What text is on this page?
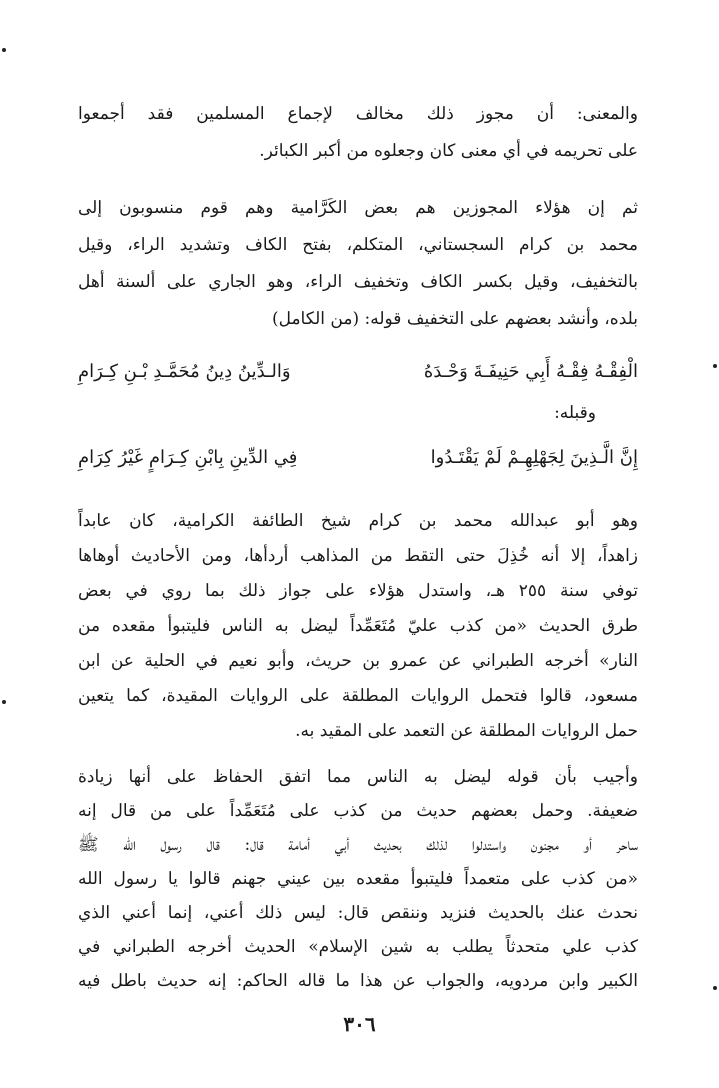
والمعنى: أن مجوز ذلك مخالف لإجماع المسلمين فقد أجمعوا
على تحريمه في أي معنى كان وجعلوه من أكبر الكبائر.
ثم إن هؤلاء المجوزين هم بعض الكَرَّامية وهم قوم منسوبون إلى
محمد بن كرام السجستاني، المتكلم، بفتح الكاف وتشديد الراء، وقيل
بالتخفيف، وقيل بكسر الكاف وتخفيف الراء، وهو الجاري على ألسنة أهل
بلده، وأنشد بعضهم على التخفيف قوله: (من الكامل)
الْفِقْـهُ فِقْـهُ أَبِي حَنِيفَـةَ وَحْـدَهُ
وَالـدِّينُ دِينُ مُحَمَّـدِ بْـنِ كِـرَامِ
وقبله:
إِنَّ الَّـذِينَ لِجَهْلِهِـمْ لَمْ يَقْتَـدُوا
فِي الدِّينِ بِابْنِ كِـرَامٍ غَيْرُ كِرَامِ
وهو أبو عبدالله محمد بن كرام شيخ الطائفة الكرامية، كان عابداً
زاهداً، إلا أنه خُذِلَ حتى التقط من المذاهب أردأها، ومن الأحاديث أوهاها
توفي سنة ٢٥٥ هـ، واستدل هؤلاء على جواز ذلك بما روي في بعض
طرق الحديث «من كذب عليّ مُتَعَمِّداً ليضل به الناس فليتبوأ مقعده من
النار» أخرجه الطبراني عن عمرو بن حريث، وأبو نعيم في الحلية عن ابن
مسعود، قالوا فتحمل الروايات المطلقة على الروايات المقيدة، كما يتعين
حمل الروايات المطلقة عن التعمد على المقيد به.
وأجيب بأن قوله ليضل به الناس مما اتفق الحفاظ على أنها زيادة
ضعيفة. وحمل بعضهم حديث من كذب على مُتَعَمِّداً على من قال إنه
ساحر أو مجنون واستدلوا لذلك بحديث أبي أمامة قال: قال رسول الله ﷺ
«من كذب على متعمداً فليتبوأ مقعده بين عيني جهنم قالوا يا رسول الله
نحدث عنك بالحديث فنزيد وننقص قال: ليس ذلك أعني، إنما أعني الذي
كذب علي متحدثاً يطلب به شين الإسلام» الحديث أخرجه الطبراني في
الكبير وابن مردويه، والجواب عن هذا ما قاله الحاكم: إنه حديث باطل فيه
٣٠٦
